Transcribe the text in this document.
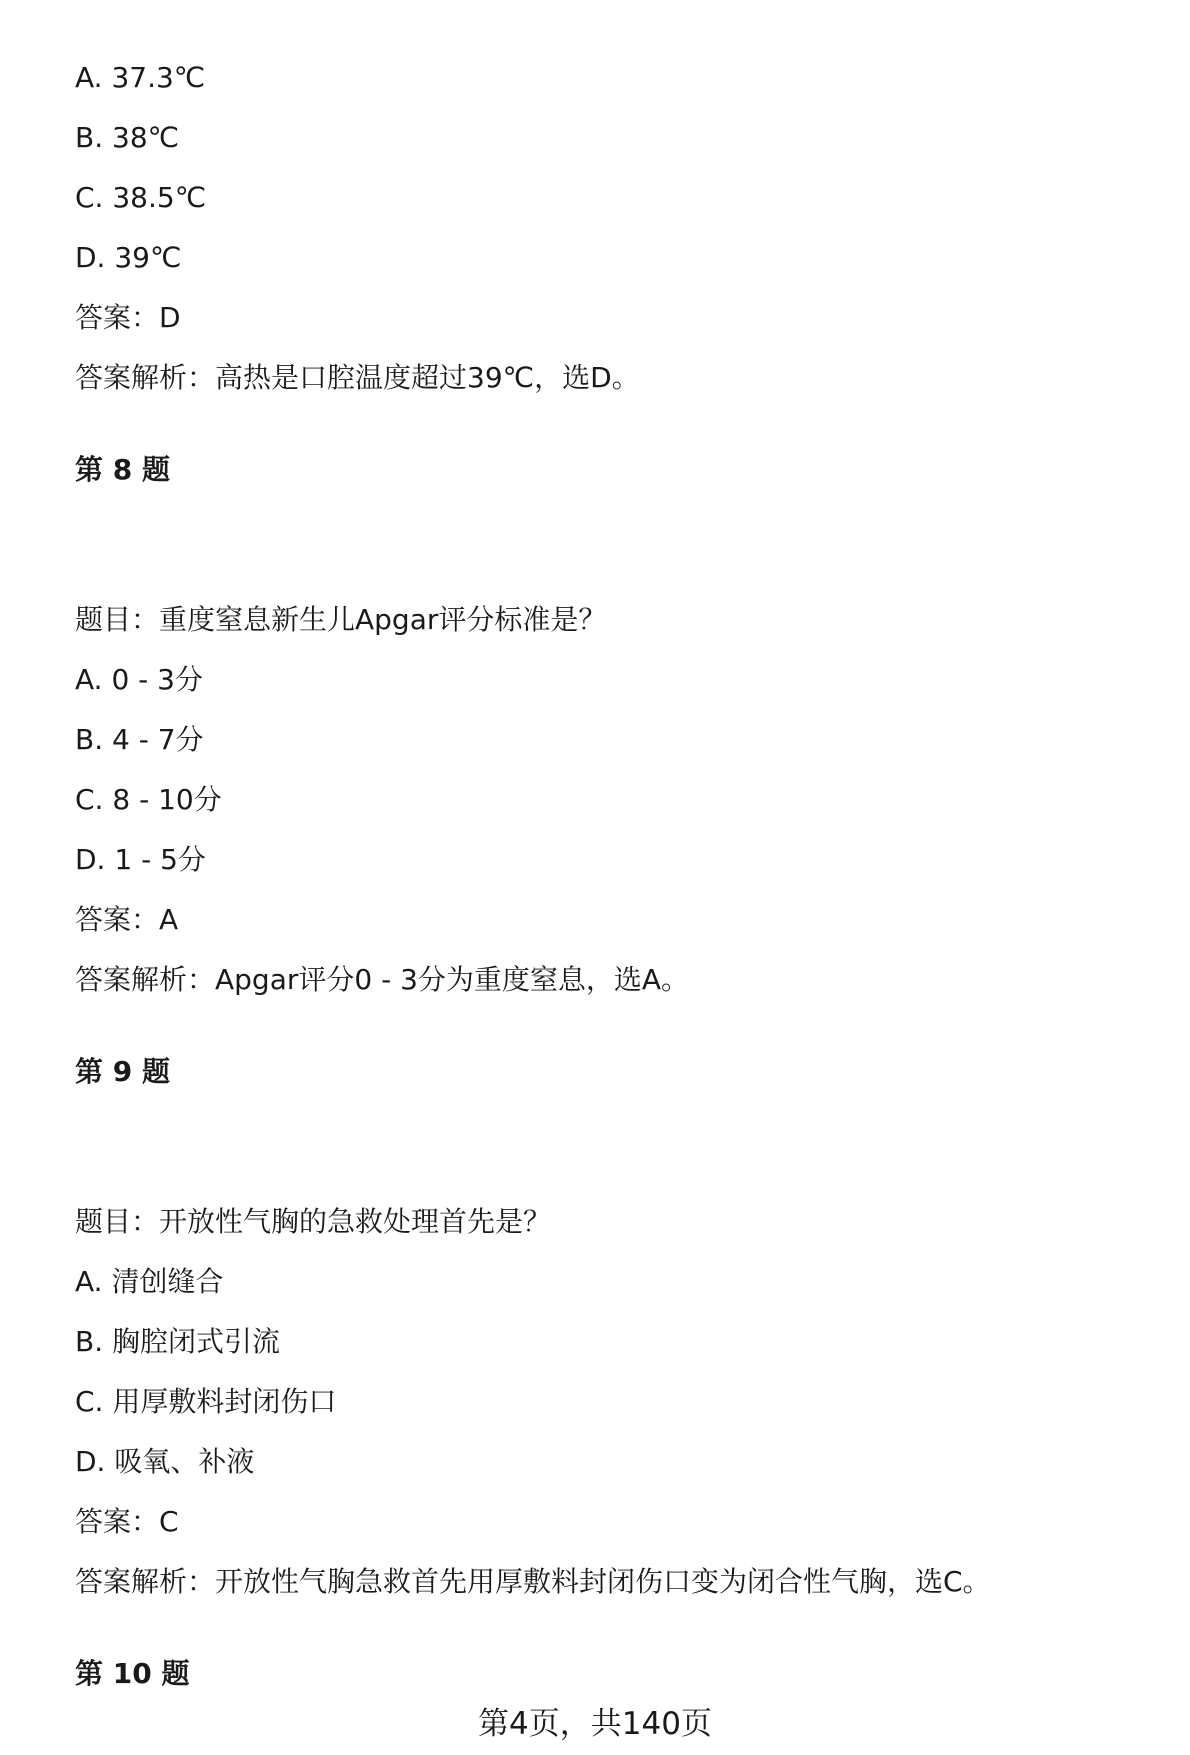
A. 37.3℃
B. 38℃
C. 38.5℃
D. 39℃
答案：D
答案解析：高热是口腔温度超过39℃，选D。
第 8 题
题目：重度窒息新生儿Apgar评分标准是？
A. 0 - 3分
B. 4 - 7分
C. 8 - 10分
D. 1 - 5分
答案：A
答案解析：Apgar评分0 - 3分为重度窒息，选A。
第 9 题
题目：开放性气胸的急救处理首先是？
A. 清创缝合
B. 胸腔闭式引流
C. 用厚敷料封闭伤口
D. 吸氧、补液
答案：C
答案解析：开放性气胸急救首先用厚敷料封闭伤口变为闭合性气胸，选C。
第 10 题
第4页，共140页
